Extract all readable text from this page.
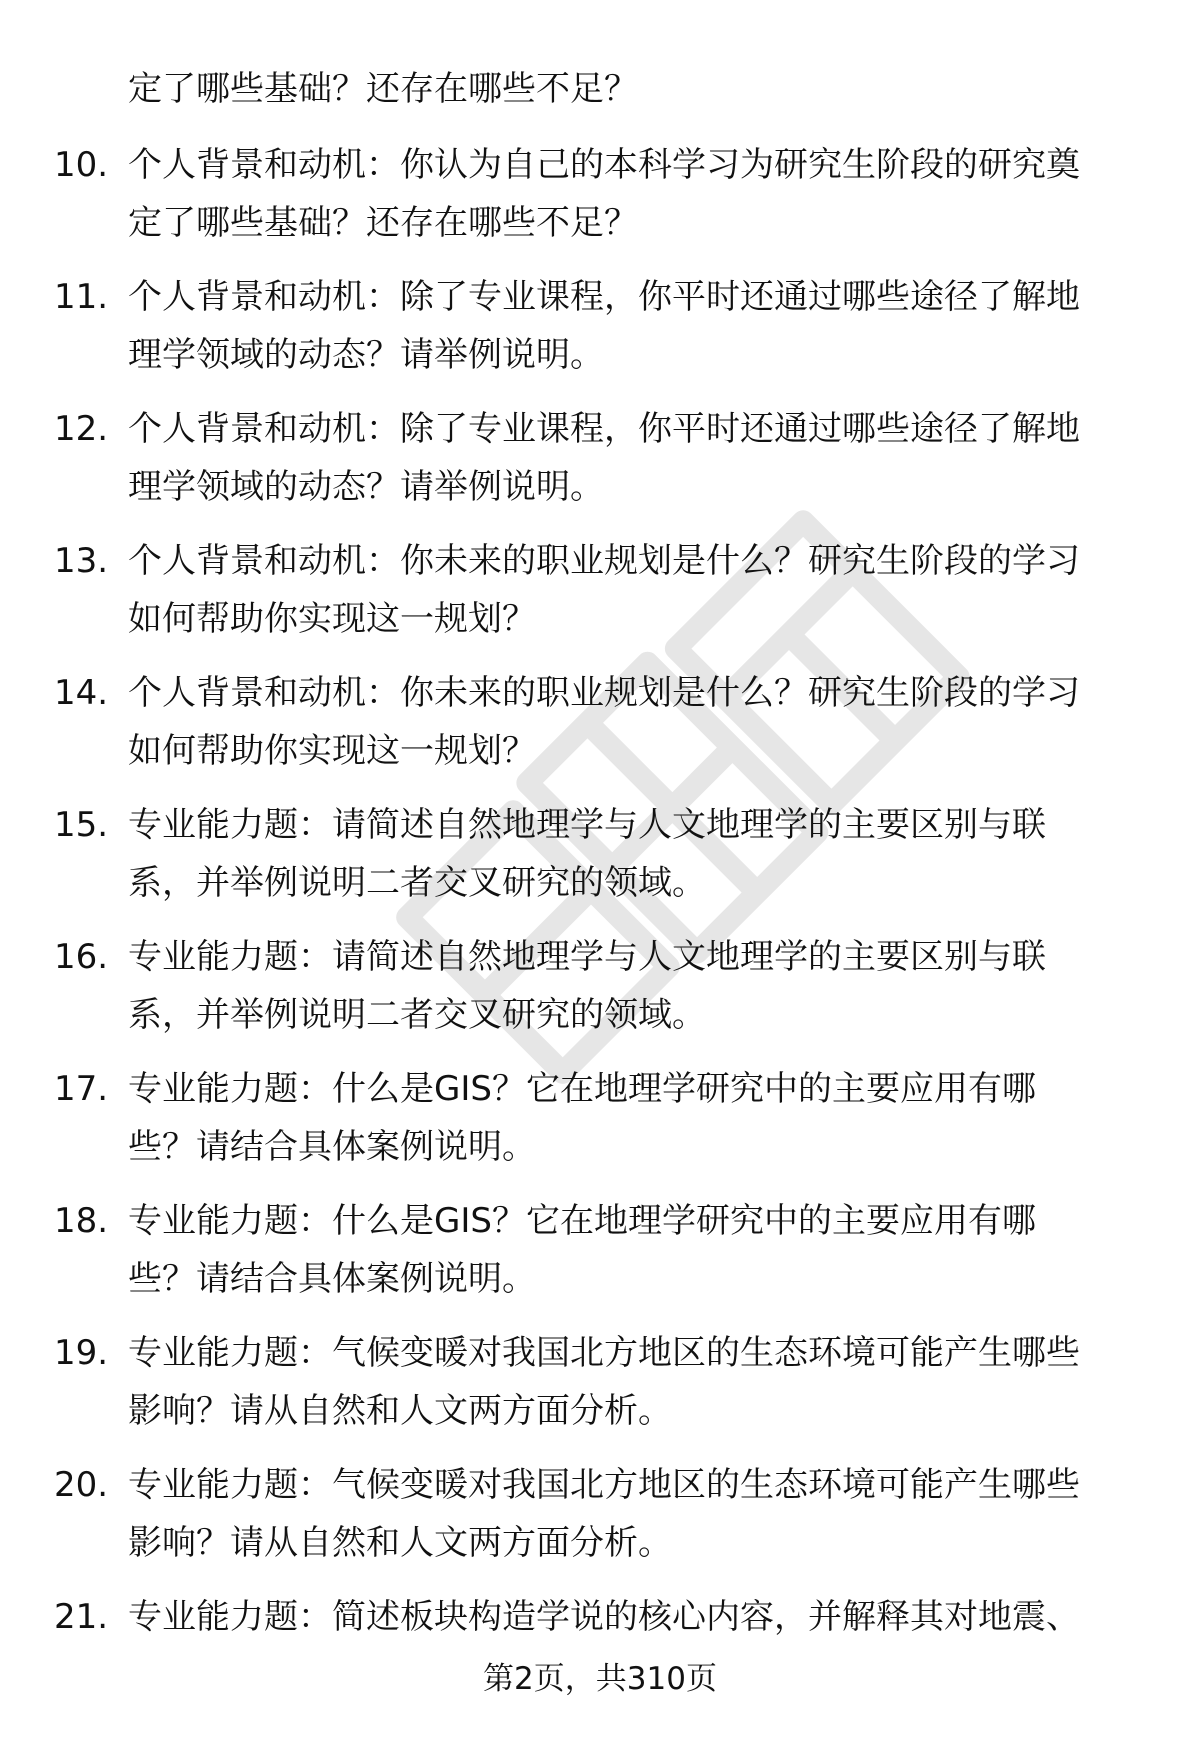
定了哪些基础？还存在哪些不足？
10. 个人背景和动机：你认为自己的本科学习为研究生阶段的研究奠
定了哪些基础？还存在哪些不足？
11. 个人背景和动机：除了专业课程，你平时还通过哪些途径了解地
理学领域的动态？请举例说明。
12. 个人背景和动机：除了专业课程，你平时还通过哪些途径了解地
理学领域的动态？请举例说明。
13. 个人背景和动机：你未来的职业规划是什么？研究生阶段的学习
如何帮助你实现这一规划？
14. 个人背景和动机：你未来的职业规划是什么？研究生阶段的学习
如何帮助你实现这一规划？
15. 专业能力题：请简述自然地理学与人文地理学的主要区别与联
系，并举例说明二者交叉研究的领域。
16. 专业能力题：请简述自然地理学与人文地理学的主要区别与联
系，并举例说明二者交叉研究的领域。
17. 专业能力题：什么是GIS？它在地理学研究中的主要应用有哪
些？请结合具体案例说明。
18. 专业能力题：什么是GIS？它在地理学研究中的主要应用有哪
些？请结合具体案例说明。
19. 专业能力题：气候变暖对我国北方地区的生态环境可能产生哪些
影响？请从自然和人文两方面分析。
20. 专业能力题：气候变暖对我国北方地区的生态环境可能产生哪些
影响？请从自然和人文两方面分析。
21. 专业能力题：简述板块构造学说的核心内容，并解释其对地震、
第2页，共310页
